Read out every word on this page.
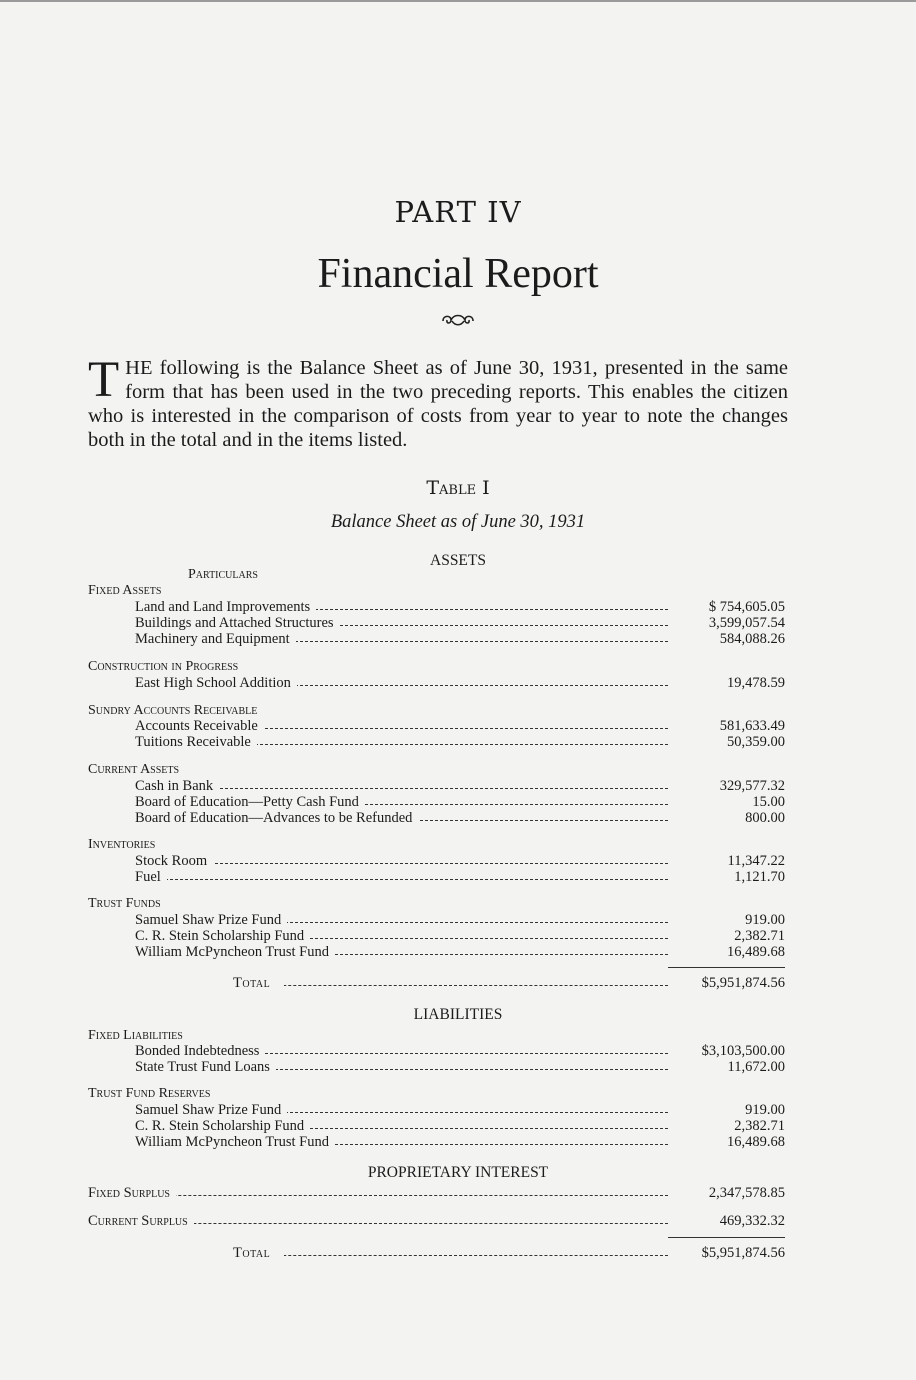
PART IV
Financial Report
THE following is the Balance Sheet as of June 30, 1931, presented in the same form that has been used in the two preceding reports. This enables the citizen who is interested in the comparison of costs from year to year to note the changes both in the total and in the items listed.
Table I
Balance Sheet as of June 30, 1931
ASSETS
Particulars
Fixed Assets
Land and Land Improvements	$ 754,605.05
Buildings and Attached Structures	3,599,057.54
Machinery and Equipment	584,088.26
Construction in Progress
East High School Addition	19,478.59
Sundry Accounts Receivable
Accounts Receivable	581,633.49
Tuitions Receivable	50,359.00
Current Assets
Cash in Bank	329,577.32
Board of Education—Petty Cash Fund	15.00
Board of Education—Advances to be Refunded	800.00
Inventories
Stock Room	11,347.22
Fuel	1,121.70
Trust Funds
Samuel Shaw Prize Fund	919.00
C. R. Stein Scholarship Fund	2,382.71
William McPyncheon Trust Fund	16,489.68
Total	$5,951,874.56
LIABILITIES
Fixed Liabilities
Bonded Indebtedness	$3,103,500.00
State Trust Fund Loans	11,672.00
Trust Fund Reserves
Samuel Shaw Prize Fund	919.00
C. R. Stein Scholarship Fund	2,382.71
William McPyncheon Trust Fund	16,489.68
PROPRIETARY INTEREST
Fixed Surplus	2,347,578.85
Current Surplus	469,332.32
Total	$5,951,874.56
